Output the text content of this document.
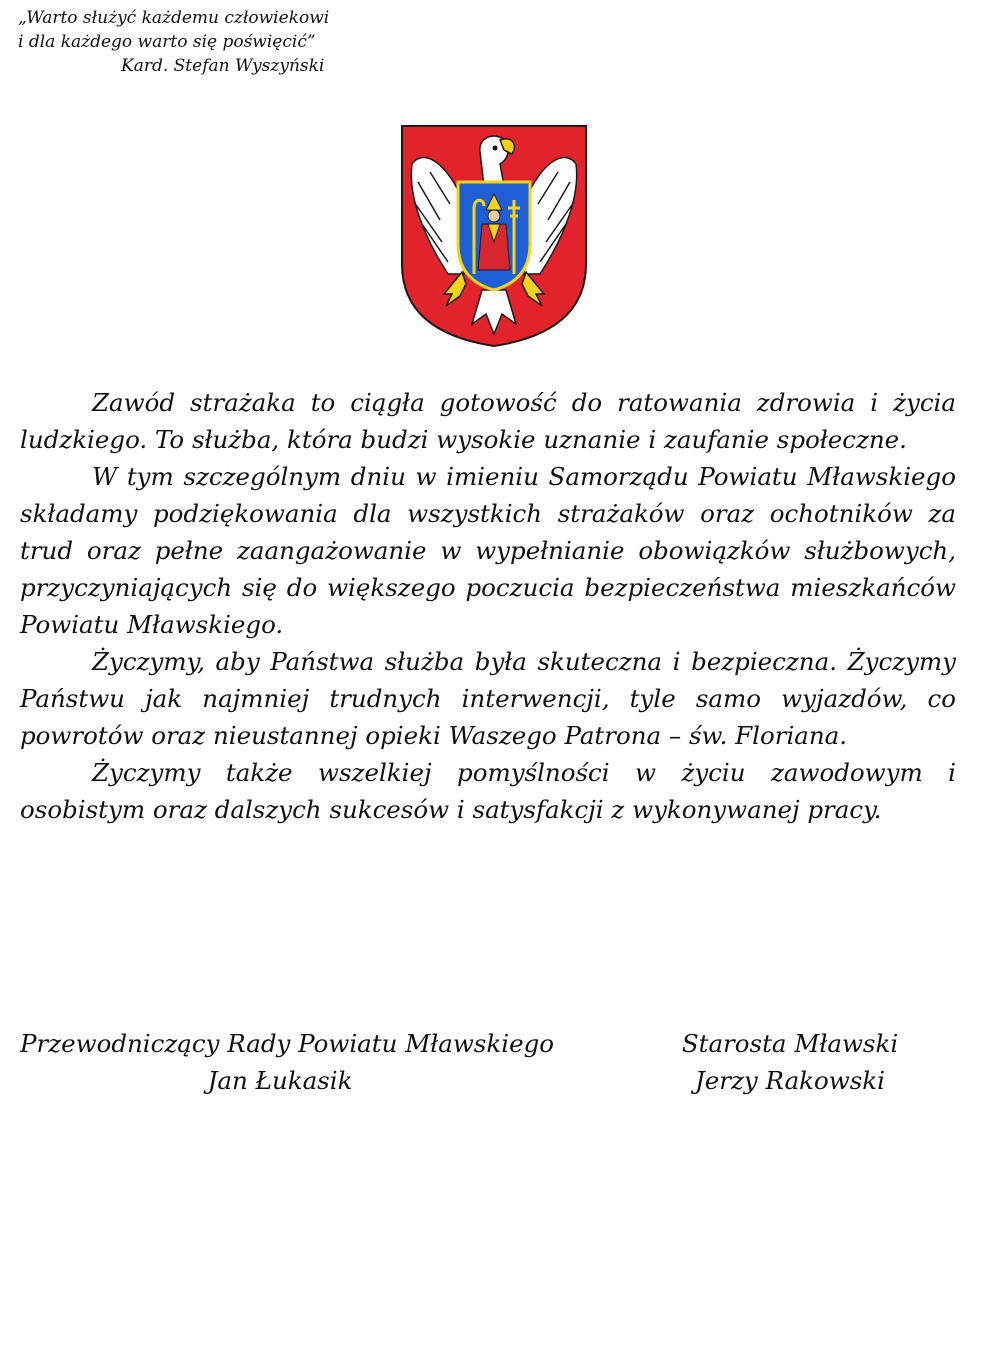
„Warto służyć każdemu człowiekowi
i dla każdego warto się poświęcić”

Kard. Stefan Wyszyński

Zawód strażaka to ciągła gotowość do ratowania zdrowia i życia ludzkiego. To służba, która budzi wysokie uznanie i zaufanie społeczne.

W tym szczególnym dniu w imieniu Samorządu Powiatu Mławskiego składamy podziękowania dla wszystkich strażaków oraz ochotników za trud oraz pełne zaangażowanie w wypełnianie obowiązków służbowych, przyczyniających się do większego poczucia bezpieczeństwa mieszkańców Powiatu Mławskiego.

Życzymy, aby Państwa służba była skuteczna i bezpieczna. Życzymy Państwu jak najmniej trudnych interwencji, tyle samo wyjazdów, co powrotów oraz nieustannej opieki Waszego Patrona – św. Floriana.

Życzymy także wszelkiej pomyślności w życiu zawodowym i osobistym oraz dalszych sukcesów i satysfakcji z wykonywanej pracy.

Przewodniczący Rady Powiatu Mławskiego
Jan Łukasik
Starosta Mławski
Jerzy Rakowski
